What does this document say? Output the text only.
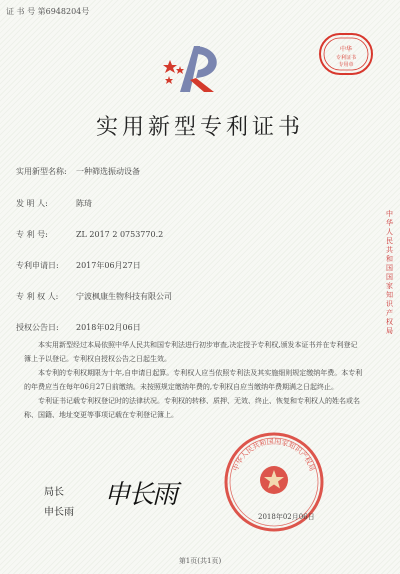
证 书 号 第6948204号
中华
专利证书
专用章
实用新型专利证书
实用新型名称: 一种筛选振动设备
发 明 人:	陈琦
专 利 号:	ZL 2017 2 0753770.2
专利申请日: 2017年06月27日
专 利 权 人: 宁波枫康生物科技有限公司
授权公告日: 2018年02月06日

本实用新型经过本局依照中华人民共和国专利法进行初步审查,决定授予专利权,颁发本证书并在专利登记簿上予以登记。专利权自授权公告之日起生效。

本专利的专利权期限为十年,自申请日起算。专利权人应当依照专利法及其实施细则规定缴纳年费。本专利的年费应当在每年06月27日前缴纳。未按照规定缴纳年费的,专利权自应当缴纳年费期满之日起终止。

专利证书记载专利权登记时的法律状况。专利权的转移、质押、无效、终止、恢复和专利权人的姓名或名称、国籍、地址变更等事项记载在专利登记簿上。

中华人民共和国国家知识产权局
中华人民共和国国家知识产权局
局长
申长雨
申长雨
2018年02月06日
第1页(共1页)
